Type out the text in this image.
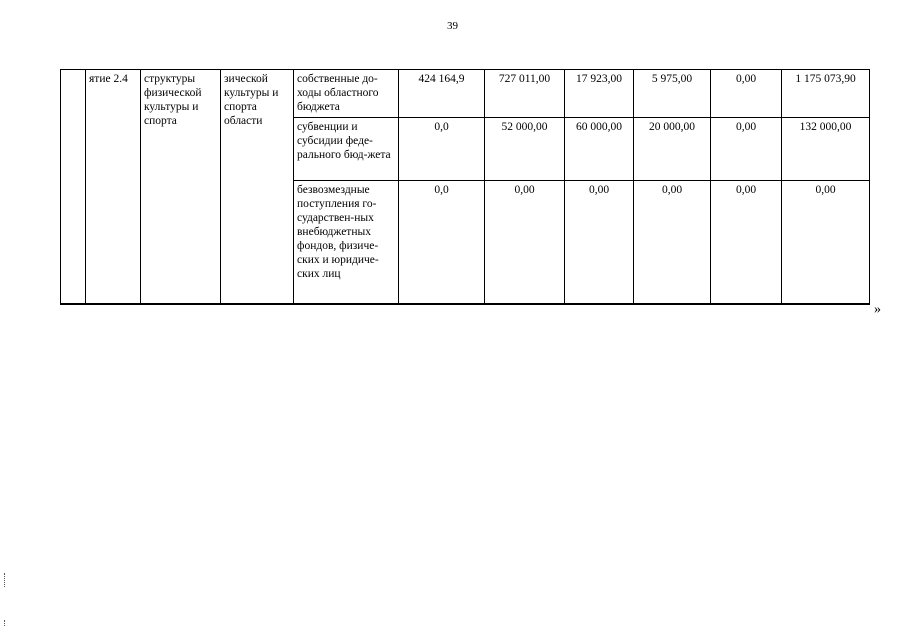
39
	ятие 2.4	структуры физической культуры и спорта	зической культуры и спорта области	собственные до-ходы областного бюджета	424 164,9	727 011,00	17 923,00	5 975,00	0,00	1 175 073,90
				субвенции и субсидии феде-рального бюд-жета	0,0	52 000,00	60 000,00	20 000,00	0,00	132 000,00
				безвозмездные поступления го-сударствен-ных внебюджетных фондов, физиче-ских и юридиче-ских лиц	0,0	0,00	0,00	0,00	0,00	0,00

»
